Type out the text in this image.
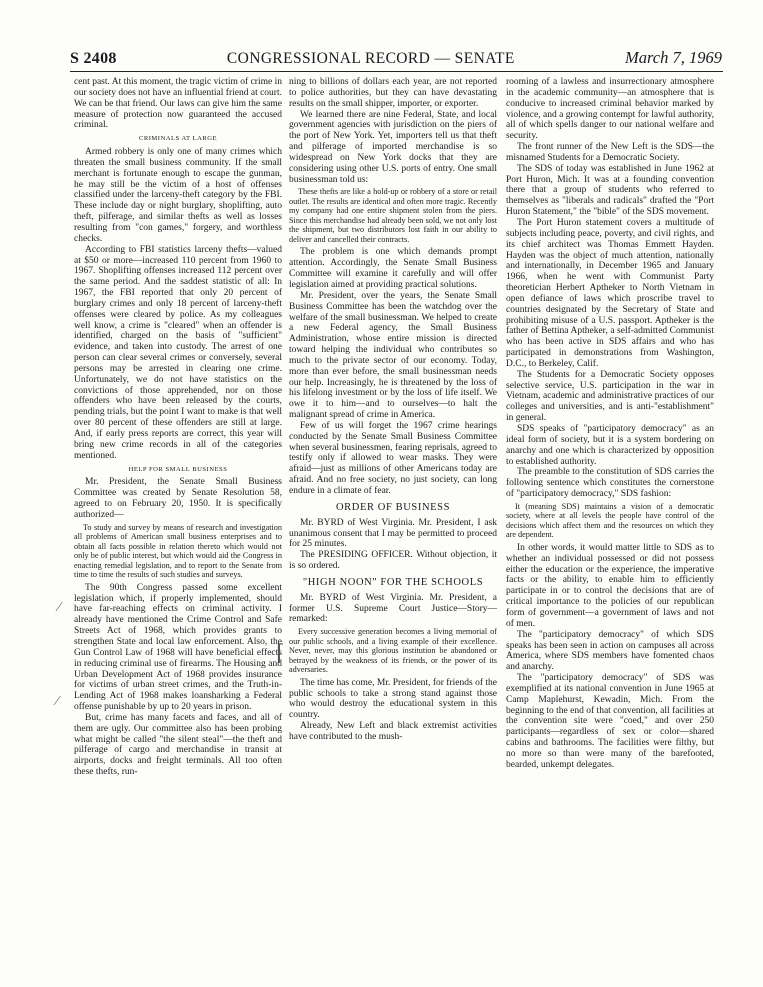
S 2408	CONGRESSIONAL RECORD — SENATE	March 7, 1969

cent past. At this moment, the tragic victim of crime in our society does not have an influential friend at court. We can be that friend. Our laws can give him the same measure of protection now guaranteed the accused criminal.

CRIMINALS AT LARGE

Armed robbery is only one of many crimes which threaten the small business community. If the small merchant is fortunate enough to escape the gunman, he may still be the victim of a host of offenses classified under the larceny-theft category by the FBI. These include day or night burglary, shoplifting, auto theft, pilferage, and similar thefts as well as losses resulting from "con games," forgery, and worthless checks.

According to FBI statistics larceny thefts—valued at $50 or more—increased 110 percent from 1960 to 1967. Shoplifting offenses increased 112 percent over the same period. And the saddest statistic of all: In 1967, the FBI reported that only 20 percent of burglary crimes and only 18 percent of larceny-theft offenses were cleared by police. As my colleagues well know, a crime is "cleared" when an offender is identified, charged on the basis of "sufficient" evidence, and taken into custody. The arrest of one person can clear several crimes or conversely, several persons may be arrested in clearing one crime. Unfortunately, we do not have statistics on the convictions of those apprehended, nor on those offenders who have been released by the courts, pending trials, but the point I want to make is that well over 80 percent of these offenders are still at large. And, if early press reports are correct, this year will bring new crime records in all of the categories mentioned.

HELP FOR SMALL BUSINESS

Mr. President, the Senate Small Business Committee was created by Senate Resolution 58, agreed to on February 20, 1950. It is specifically authorized—

To study and survey by means of research and investigation all problems of American small business enterprises and to obtain all facts possible in relation thereto which would not only be of public interest, but which would aid the Congress in enacting remedial legislation, and to report to the Senate from time to time the results of such studies and surveys.

The 90th Congress passed some excellent legislation which, if properly implemented, should have far-reaching effects on criminal activity. I already have mentioned the Crime Control and Safe Streets Act of 1968, which provides grants to strengthen State and local law enforcement. Also, the Gun Control Law of 1968 will have beneficial effects in reducing criminal use of firearms. The Housing and Urban Development Act of 1968 provides insurance for victims of urban street crimes, and the Truth-in-Lending Act of 1968 makes loansharking a Federal offense punishable by up to 20 years in prison.

But, crime has many facets and faces, and all of them are ugly. Our committee also has been probing what might be called "the silent steal"—the theft and pilferage of cargo and merchandise in transit at airports, docks and freight terminals. All too often these thefts, run-

ning to billions of dollars each year, are not reported to police authorities, but they can have devastating results on the small shipper, importer, or exporter.

We learned there are nine Federal, State, and local government agencies with jurisdiction on the piers of the port of New York. Yet, importers tell us that theft and pilferage of imported merchandise is so widespread on New York docks that they are considering using other U.S. ports of entry. One small businessman told us:

These thefts are like a hold-up or robbery of a store or retail outlet. The results are identical and often more tragic. Recently my company had one entire shipment stolen from the piers. Since this merchandise had already been sold, we not only lost the shipment, but two distributors lost faith in our ability to deliver and cancelled their contracts.

The problem is one which demands prompt attention. Accordingly, the Senate Small Business Committee will examine it carefully and will offer legislation aimed at providing practical solutions.

Mr. President, over the years, the Senate Small Business Committee has been the watchdog over the welfare of the small businessman. We helped to create a new Federal agency, the Small Business Administration, whose entire mission is directed toward helping the individual who contributes so much to the private sector of our economy. Today, more than ever before, the small businessman needs our help. Increasingly, he is threatened by the loss of his lifelong investment or by the loss of life itself. We owe it to him—and to ourselves—to halt the malignant spread of crime in America.

Few of us will forget the 1967 crime hearings conducted by the Senate Small Business Committee when several businessmen, fearing reprisals, agreed to testify only if allowed to wear masks. They were afraid—just as millions of other Americans today are afraid. And no free society, no just society, can long endure in a climate of fear.

ORDER OF BUSINESS

Mr. BYRD of West Virginia. Mr. President, I ask unanimous consent that I may be permitted to proceed for 25 minutes.

The PRESIDING OFFICER. Without objection, it is so ordered.

"HIGH NOON" FOR THE SCHOOLS

Mr. BYRD of West Virginia. Mr. President, a former U.S. Supreme Court Justice—Story—remarked:

Every successive generation becomes a living memorial of our public schools, and a living example of their excellence. Never, never, may this glorious institution be abandoned or betrayed by the weakness of its friends, or the power of its adversaries.

The time has come, Mr. President, for friends of the public schools to take a strong stand against those who would destroy the educational system in this country.

Already, New Left and black extremist activities have contributed to the mush-

rooming of a lawless and insurrectionary atmosphere in the academic community—an atmosphere that is conducive to increased criminal behavior marked by violence, and a growing contempt for lawful authority, all of which spells danger to our national welfare and security.

The front runner of the New Left is the SDS—the misnamed Students for a Democratic Society.

The SDS of today was established in June 1962 at Port Huron, Mich. It was at a founding convention there that a group of students who referred to themselves as "liberals and radicals" drafted the "Port Huron Statement," the "bible" of the SDS movement.

The Port Huron statement covers a multitude of subjects including peace, poverty, and civil rights, and its chief architect was Thomas Emmett Hayden. Hayden was the object of much attention, nationally and internationally, in December 1965 and January 1966, when he went with Communist Party theoretician Herbert Aptheker to North Vietnam in open defiance of laws which proscribe travel to countries designated by the Secretary of State and prohibiting misuse of a U.S. passport. Aptheker is the father of Bettina Aptheker, a self-admitted Communist who has been active in SDS affairs and who has participated in demonstrations from Washington, D.C., to Berkeley, Calif.

The Students for a Democratic Society opposes selective service, U.S. participation in the war in Vietnam, academic and administrative practices of our colleges and universities, and is anti-"establishment" in general.

SDS speaks of "participatory democracy" as an ideal form of society, but it is a system bordering on anarchy and one which is characterized by opposition to established authority.

The preamble to the constitution of SDS carries the following sentence which constitutes the cornerstone of "participatory democracy," SDS fashion:

It (meaning SDS) maintains a vision of a democratic society, where at all levels the people have control of the decisions which affect them and the resources on which they are dependent.

In other words, it would matter little to SDS as to whether an individual possessed or did not possess either the education or the experience, the imperative facts or the ability, to enable him to efficiently participate in or to control the decisions that are of critical importance to the policies of our republican form of government—a government of laws and not of men.

The "participatory democracy" of which SDS speaks has been seen in action on campuses all across America, where SDS members have fomented chaos and anarchy.

The "participatory democracy" of SDS was exemplified at its national convention in June 1965 at Camp Maplehurst, Kewadin, Mich. From the beginning to the end of that convention, all facilities at the convention site were "coed," and over 250 participants—regardless of sex or color—shared cabins and bathrooms. The facilities were filthy, but no more so than were many of the barefooted, bearded, unkempt delegates.

⁄
⁄
⌈
